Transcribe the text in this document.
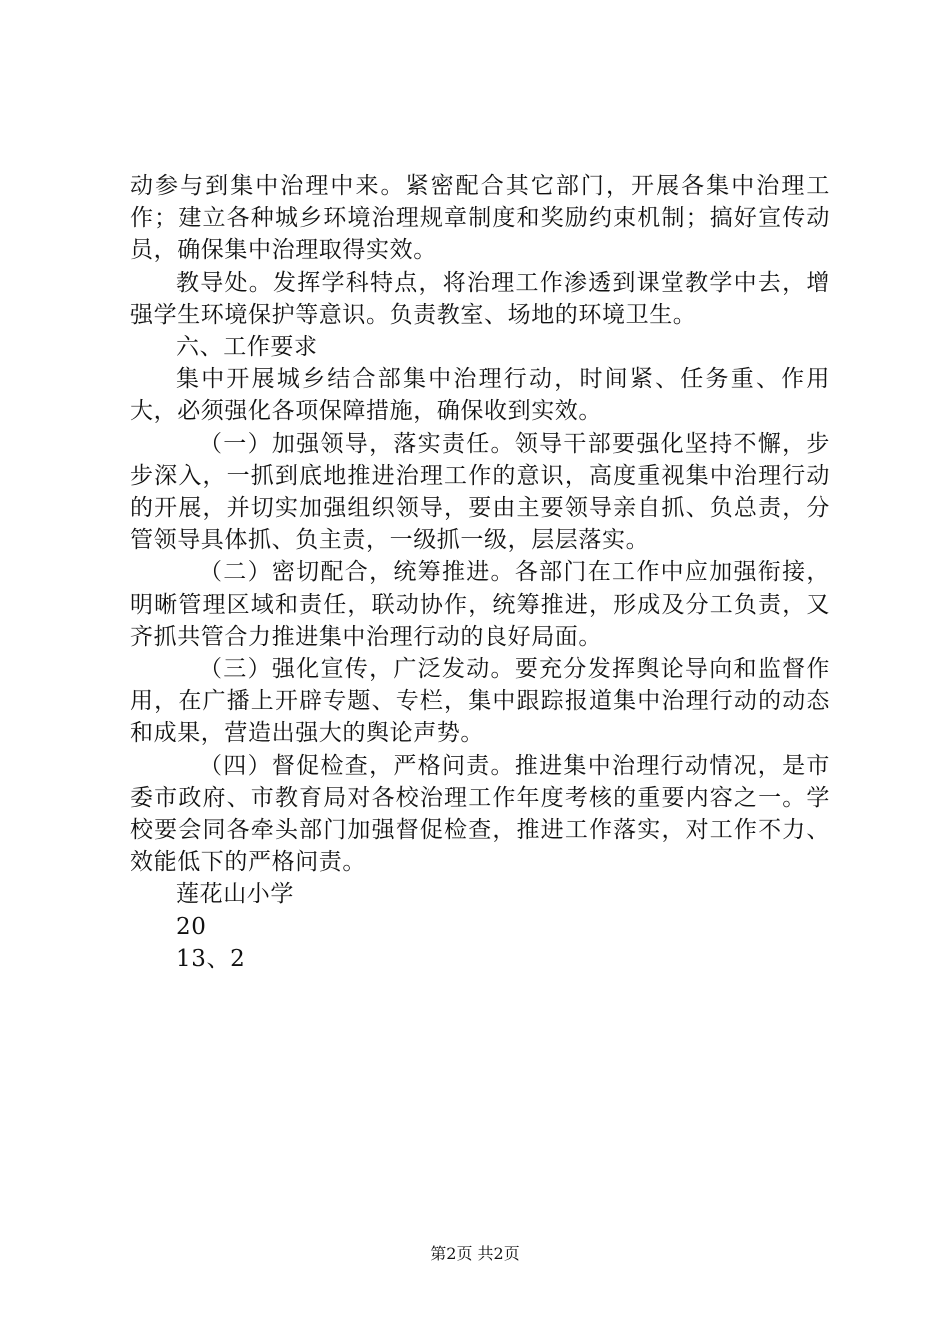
动参与到集中治理中来。紧密配合其它部门，开展各集中治理工作；建立各种城乡环境治理规章制度和奖励约束机制；搞好宣传动员，确保集中治理取得实效。

教导处。发挥学科特点，将治理工作渗透到课堂教学中去，增强学生环境保护等意识。负责教室、场地的环境卫生。

六、工作要求

集中开展城乡结合部集中治理行动，时间紧、任务重、作用大，必须强化各项保障措施，确保收到实效。

（一）加强领导，落实责任。领导干部要强化坚持不懈，步步深入，一抓到底地推进治理工作的意识，高度重视集中治理行动的开展，并切实加强组织领导，要由主要领导亲自抓、负总责，分管领导具体抓、负主责，一级抓一级，层层落实。

（二）密切配合，统筹推进。各部门在工作中应加强衔接，明晰管理区域和责任，联动协作，统筹推进，形成及分工负责，又齐抓共管合力推进集中治理行动的良好局面。

（三）强化宣传，广泛发动。要充分发挥舆论导向和监督作用，在广播上开辟专题、专栏，集中跟踪报道集中治理行动的动态和成果，营造出强大的舆论声势。

（四）督促检查，严格问责。推进集中治理行动情况，是市委市政府、市教育局对各校治理工作年度考核的重要内容之一。学校要会同各牵头部门加强督促检查，推进工作落实，对工作不力、效能低下的严格问责。

莲花山小学

20

13、2

第2页 共2页
